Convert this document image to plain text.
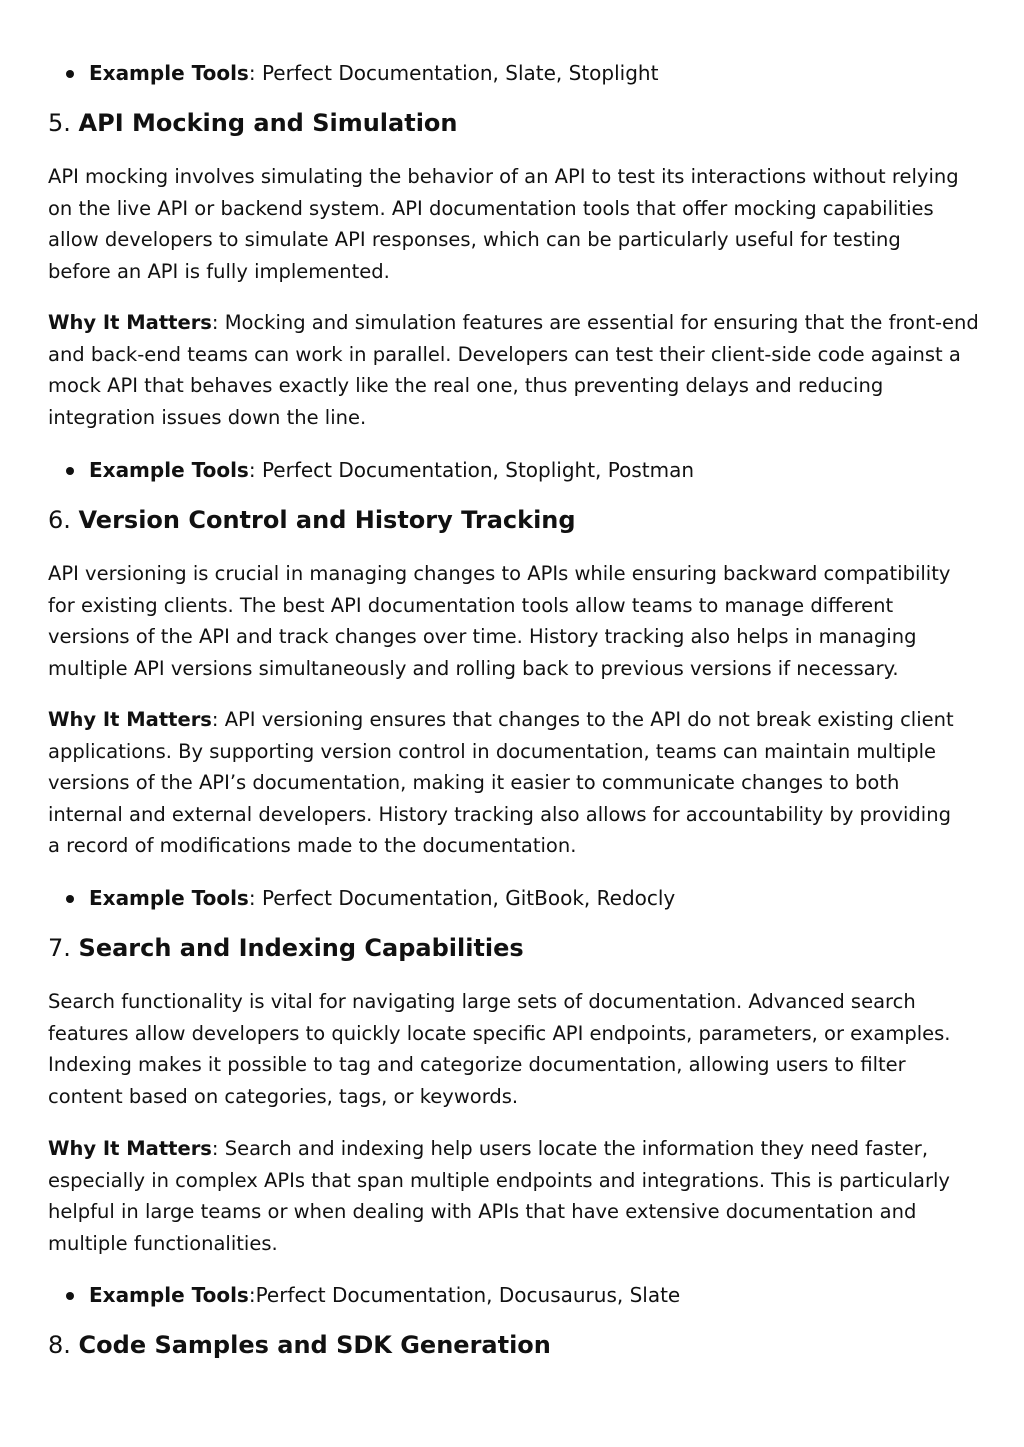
Example Tools: Perfect Documentation, Slate, Stoplight
5. API Mocking and Simulation
API mocking involves simulating the behavior of an API to test its interactions without relying
on the live API or backend system. API documentation tools that offer mocking capabilities
allow developers to simulate API responses, which can be particularly useful for testing
before an API is fully implemented.
Why It Matters: Mocking and simulation features are essential for ensuring that the front-end
and back-end teams can work in parallel. Developers can test their client-side code against a
mock API that behaves exactly like the real one, thus preventing delays and reducing
integration issues down the line.
Example Tools: Perfect Documentation, Stoplight, Postman
6. Version Control and History Tracking
API versioning is crucial in managing changes to APIs while ensuring backward compatibility
for existing clients. The best API documentation tools allow teams to manage different
versions of the API and track changes over time. History tracking also helps in managing
multiple API versions simultaneously and rolling back to previous versions if necessary.
Why It Matters: API versioning ensures that changes to the API do not break existing client
applications. By supporting version control in documentation, teams can maintain multiple
versions of the API’s documentation, making it easier to communicate changes to both
internal and external developers. History tracking also allows for accountability by providing
a record of modifications made to the documentation.
Example Tools: Perfect Documentation, GitBook, Redocly
7. Search and Indexing Capabilities
Search functionality is vital for navigating large sets of documentation. Advanced search
features allow developers to quickly locate specific API endpoints, parameters, or examples.
Indexing makes it possible to tag and categorize documentation, allowing users to filter
content based on categories, tags, or keywords.
Why It Matters: Search and indexing help users locate the information they need faster,
especially in complex APIs that span multiple endpoints and integrations. This is particularly
helpful in large teams or when dealing with APIs that have extensive documentation and
multiple functionalities.
Example Tools:Perfect Documentation, Docusaurus, Slate
8. Code Samples and SDK Generation
